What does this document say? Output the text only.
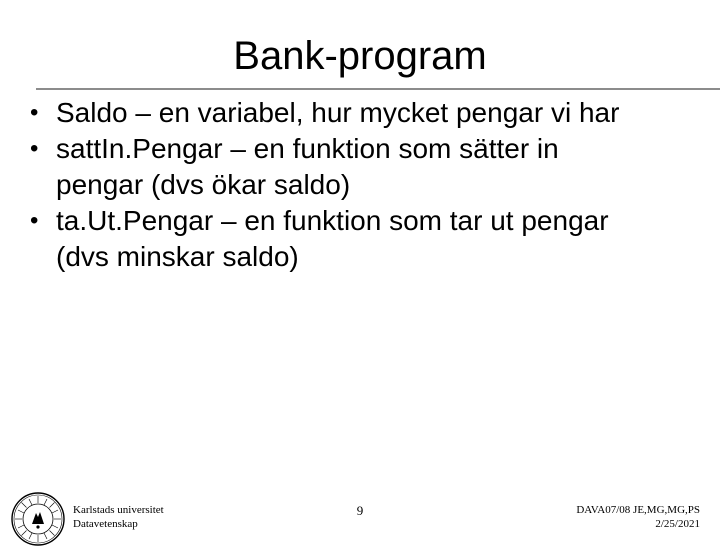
Bank-program
• Saldo – en variabel, hur mycket pengar vi har
• sattIn.Pengar – en funktion som sätter in
pengar (dvs ökar saldo)
• ta.Ut.Pengar – en funktion som tar ut pengar
(dvs minskar saldo)
Karlstads universitet
Datavetenskap
9	DAVA07/08 JE,MG,MG,PS
2/25/2021
